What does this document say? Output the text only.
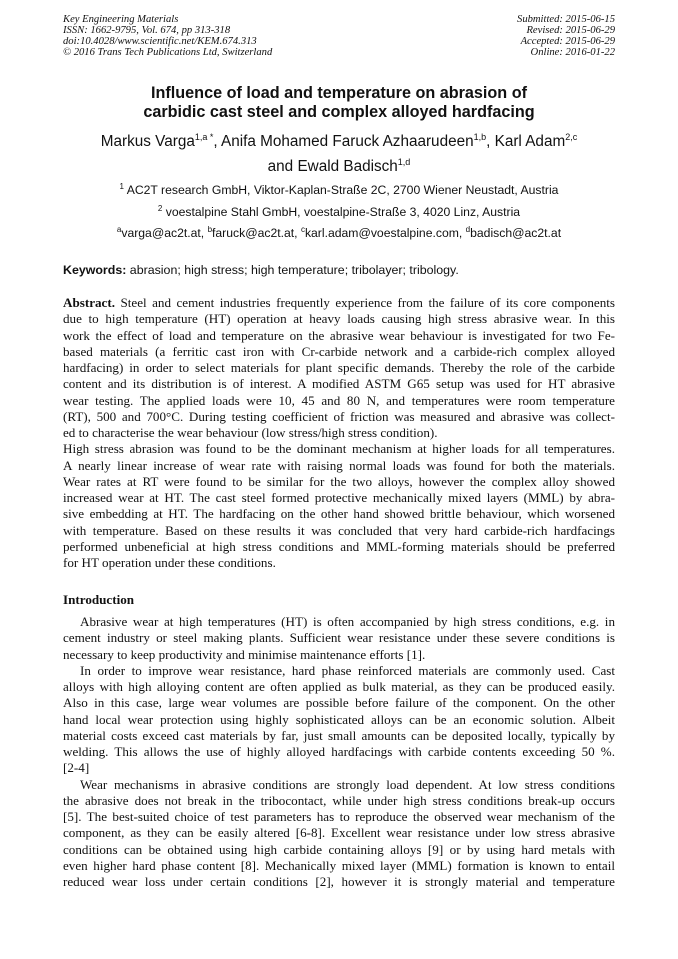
Key Engineering Materials
ISSN: 1662-9795, Vol. 674, pp 313-318
doi:10.4028/www.scientific.net/KEM.674.313
© 2016 Trans Tech Publications Ltd, Switzerland
Submitted: 2015-06-15
Revised: 2015-06-29
Accepted: 2015-06-29
Online: 2016-01-22
Influence of load and temperature on abrasion of
carbidic cast steel and complex alloyed hardfacing
Markus Varga$^{1,a *}$, Anifa Mohamed Faruck Azhaarudeen$^{1,b}$, Karl Adam$^{2,c}$
and Ewald Badisch$^{1,d}$
$^1$ AC2T research GmbH, Viktor-Kaplan-Straße 2C, 2700 Wiener Neustadt, Austria
$^2$ voestalpine Stahl GmbH, voestalpine-Straße 3, 4020 Linz, Austria
$^a$varga@ac2t.at, $^b$faruck@ac2t.at, $^c$karl.adam@voestalpine.com, $^d$badisch@ac2t.at
Keywords: abrasion; high stress; high temperature; tribolayer; tribology.
Abstract. Steel and cement industries frequently experience from the failure of its core components
due to high temperature (HT) operation at heavy loads causing high stress abrasive wear. In this
work the effect of load and temperature on the abrasive wear behaviour is investigated for two Fe-
based materials (a ferritic cast iron with Cr-carbide network and a carbide-rich complex alloyed
hardfacing) in order to select materials for plant specific demands. Thereby the role of the carbide
content and its distribution is of interest. A modified ASTM G65 setup was used for HT abrasive
wear testing. The applied loads were 10, 45 and 80 N, and temperatures were room temperature
(RT), 500 and 700°C. During testing coefficient of friction was measured and abrasive was collect-
ed to characterise the wear behaviour (low stress/high stress condition).
High stress abrasion was found to be the dominant mechanism at higher loads for all temperatures.
A nearly linear increase of wear rate with raising normal loads was found for both the materials.
Wear rates at RT were found to be similar for the two alloys, however the complex alloy showed
increased wear at HT. The cast steel formed protective mechanically mixed layers (MML) by abra-
sive embedding at HT. The hardfacing on the other hand showed brittle behaviour, which worsened
with temperature. Based on these results it was concluded that very hard carbide-rich hardfacings
performed unbeneficial at high stress conditions and MML-forming materials should be preferred
for HT operation under these conditions.
Introduction
Abrasive wear at high temperatures (HT) is often accompanied by high stress conditions, e.g. in
cement industry or steel making plants. Sufficient wear resistance under these severe conditions is
necessary to keep productivity and minimise maintenance efforts [1].
In order to improve wear resistance, hard phase reinforced materials are commonly used. Cast
alloys with high alloying content are often applied as bulk material, as they can be produced easily.
Also in this case, large wear volumes are possible before failure of the component. On the other
hand local wear protection using highly sophisticated alloys can be an economic solution. Albeit
material costs exceed cast materials by far, just small amounts can be deposited locally, typically by
welding. This allows the use of highly alloyed hardfacings with carbide contents exceeding 50 %.
[2-4]
Wear mechanisms in abrasive conditions are strongly load dependent. At low stress conditions
the abrasive does not break in the tribocontact, while under high stress conditions break-up occurs
[5]. The best-suited choice of test parameters has to reproduce the observed wear mechanism of the
component, as they can be easily altered [6-8]. Excellent wear resistance under low stress abrasive
conditions can be obtained using high carbide containing alloys [9] or by using hard metals with
even higher hard phase content [8]. Mechanically mixed layer (MML) formation is known to entail
reduced wear loss under certain conditions [2], however it is strongly material and temperature
